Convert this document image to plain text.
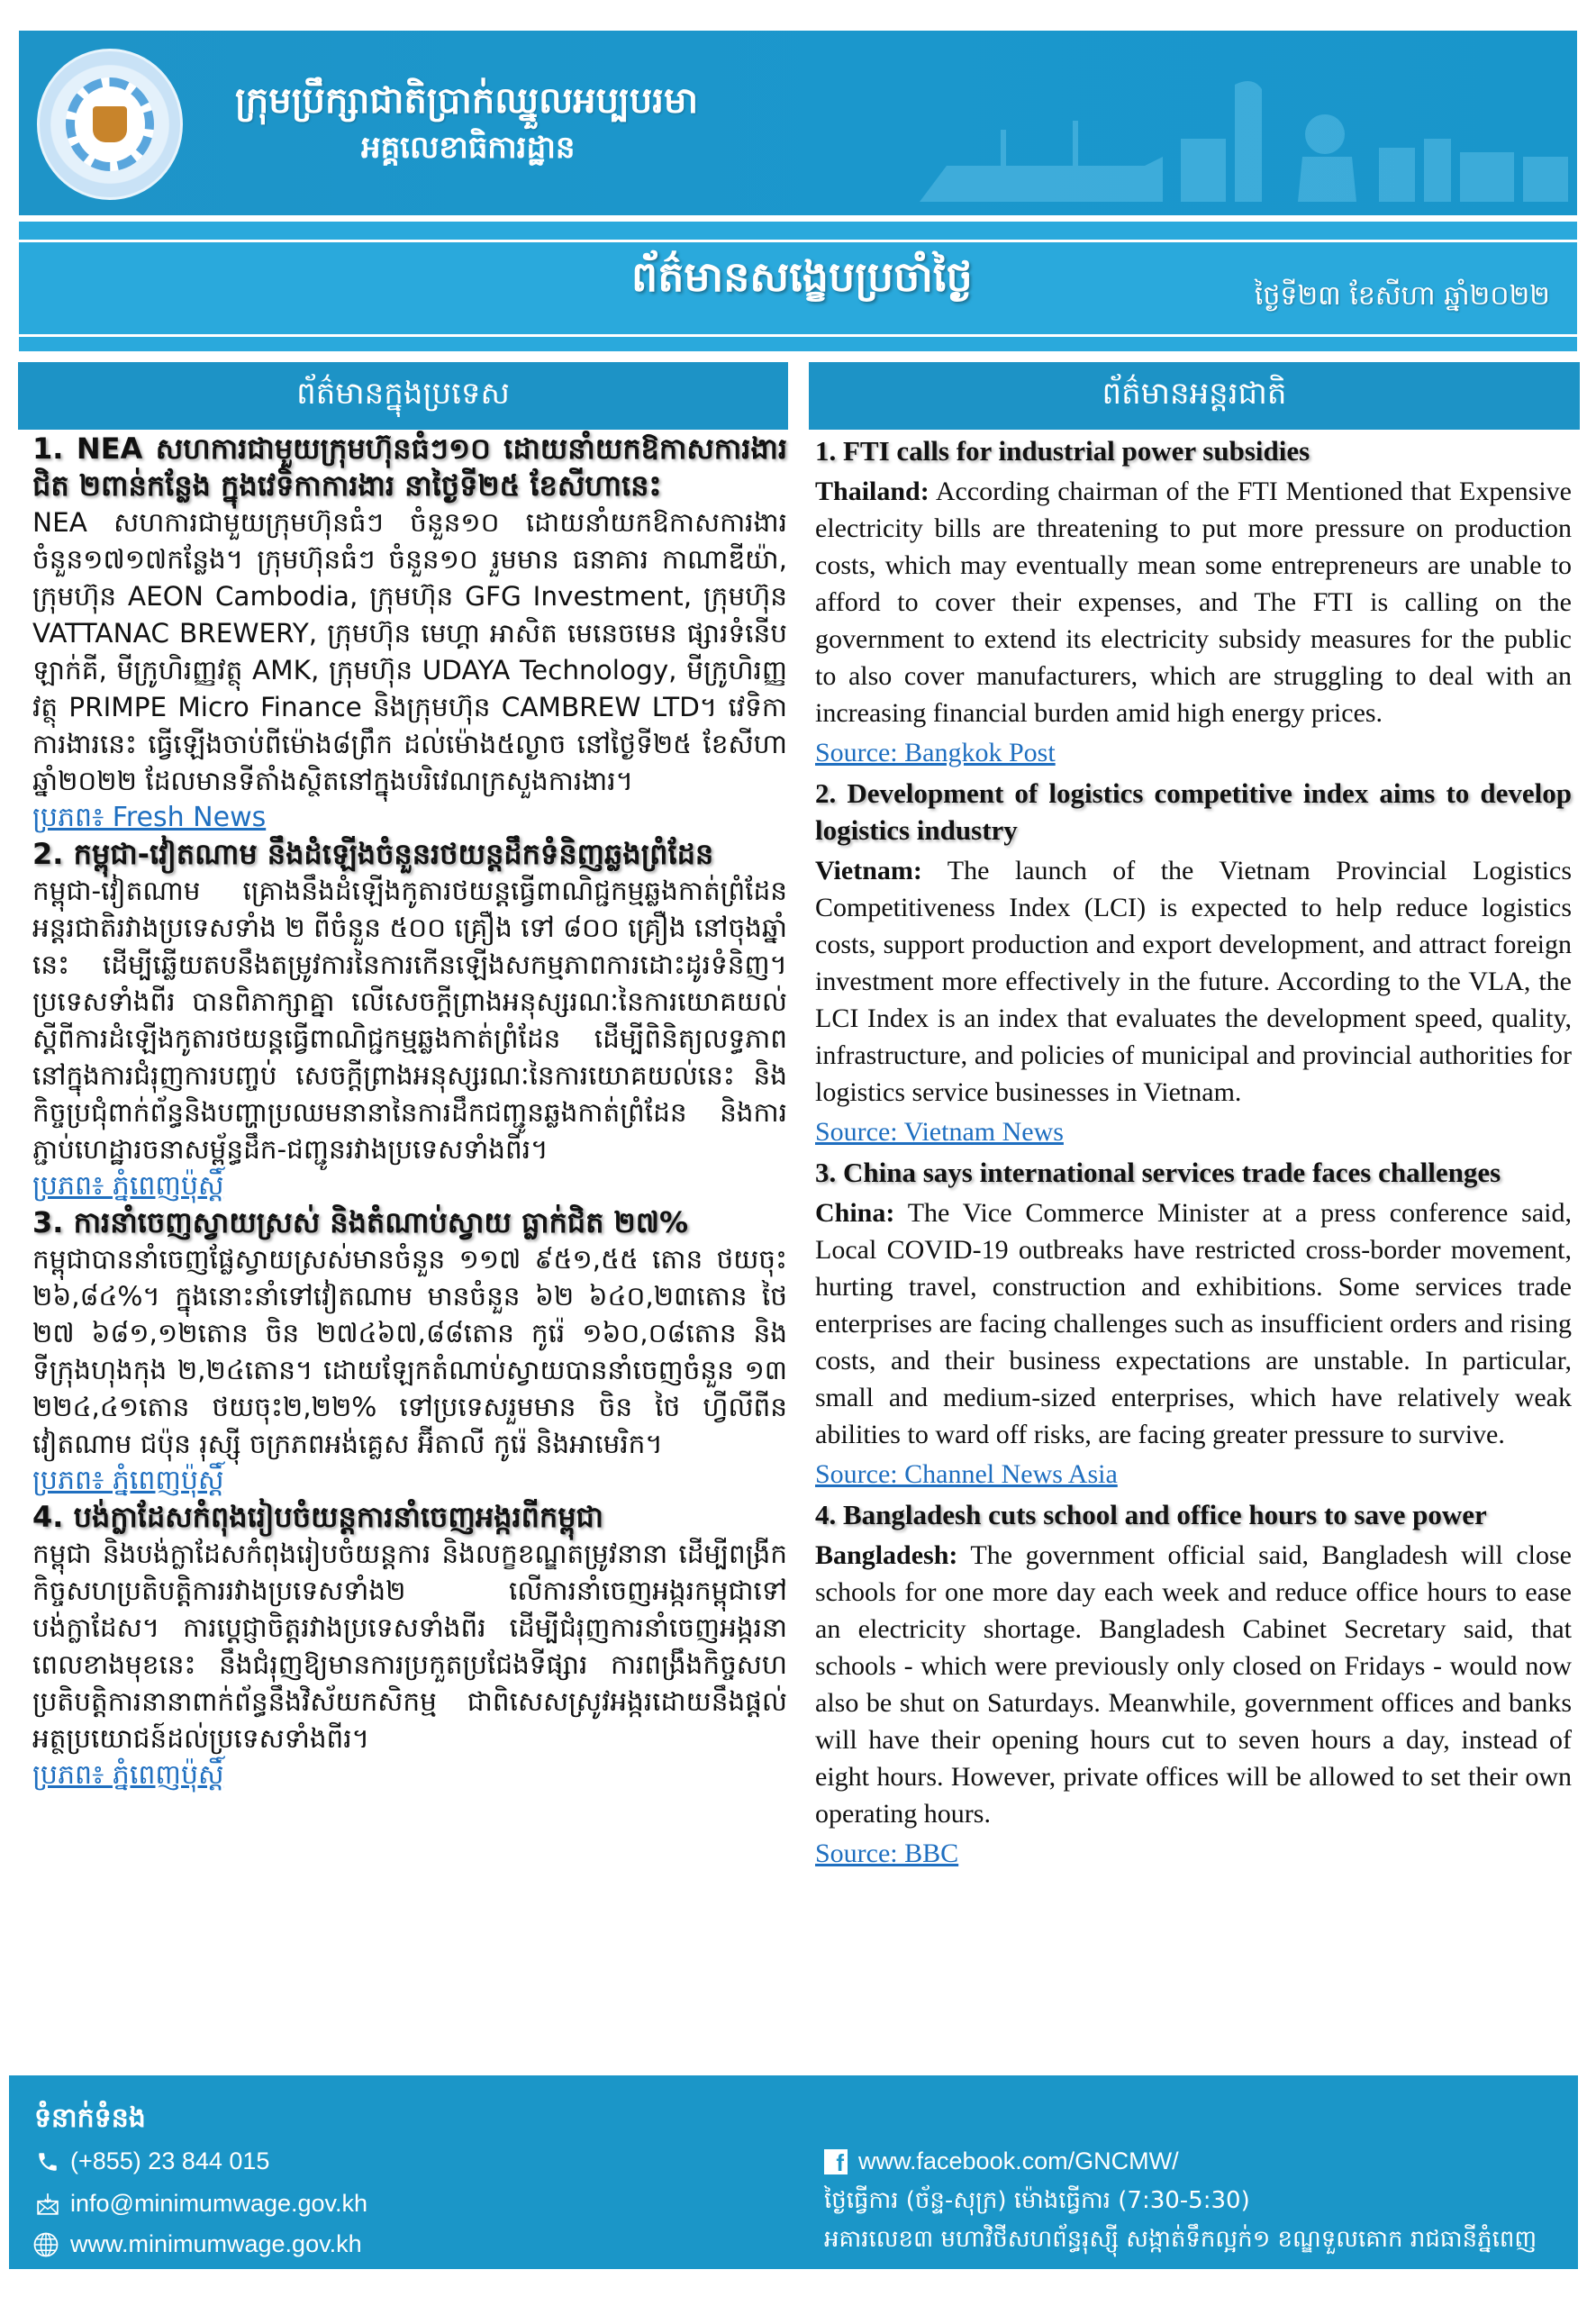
ក្រុមប្រឹក្សាជាតិប្រាក់ឈ្នួលអប្បបរមា
អគ្គលេខាធិការដ្ឋាន
ព័ត៌មានសង្ខេបប្រចាំថ្ងៃ	ថ្ងៃទី២៣ ខែសីហា ឆ្នាំ២០២២
ព័ត៌មានក្នុងប្រទេស	ព័ត៌មានអន្តរជាតិ
1. NEA សហការជាមួយក្រុមហ៊ុនធំៗ១០ ដោយនាំយកឱកាសការងារជិត ២ពាន់កន្លែង ក្នុងវេទិកាការងារ នាថ្ងៃទី២៥ ខែសីហានេះ
NEA សហការជាមួយក្រុមហ៊ុនធំៗ ចំនួន១០ ដោយនាំយកឱកាសការងារចំនួន១៧១៧កន្លែង។ ក្រុមហ៊ុនធំៗ ចំនួន១០ រួមមាន ធនាគារ កាណាឌីយ៉ា, ក្រុមហ៊ុន AEON Cambodia, ក្រុមហ៊ុន GFG Investment, ក្រុមហ៊ុន VATTANAC BREWERY, ក្រុមហ៊ុន មេហ្គា អាសិត មេនេចមេន ផ្សារទំនើបឡាក់គី, មីក្រូហិរញ្ញវត្ថុ AMK, ក្រុមហ៊ុន UDAYA Technology, មីក្រូហិរញ្ញវត្ថុ PRIMPE Micro Finance និងក្រុមហ៊ុន CAMBREW LTD។ វេទិកាការងារនេះ ធ្វើឡើងចាប់ពីម៉ោង៨ព្រឹក ដល់ម៉ោង៥ល្ងាច នៅថ្ងៃទី២៥ ខែសីហា ឆ្នាំ២០២២ ដែលមានទីតាំងស្ថិតនៅក្នុងបរិវេណក្រសួងការងារ។
ប្រភព៖ Fresh News
2. កម្ពុជា-វៀតណាម នឹងដំឡើងចំនួនរថយន្តដឹកទំនិញឆ្លងព្រំដែន
កម្ពុជា-វៀតណាម គ្រោងនឹងដំឡើងកូតារថយន្តធ្វើពាណិជ្ជកម្មឆ្លងកាត់ព្រំដែនអន្តរជាតិរវាងប្រទេសទាំង ២ ពីចំនួន ៥០០ គ្រឿង ទៅ ៨០០ គ្រឿង នៅចុងឆ្នាំនេះ ដើម្បីឆ្លើយតបនឹងតម្រូវការនៃការកើនឡើងសកម្មភាពការដោះដូរទំនិញ។ ប្រទេសទាំងពីរ បានពិភាក្សាគ្នា លើសេចក្តីព្រាងអនុស្សរណៈនៃការយោគយល់ស្តីពីការដំឡើងកូតារថយន្តធ្វើពាណិជ្ជកម្មឆ្លងកាត់ព្រំដែន ដើម្បីពិនិត្យលទ្ធភាពនៅក្នុងការជំរុញការបញ្ចប់ សេចក្តីព្រាងអនុស្សរណៈនៃការយោគយល់នេះ និងកិច្ចប្រជុំពាក់ព័ន្ធនិងបញ្ហាប្រឈមនានានៃការដឹកជញ្ជូនឆ្លងកាត់ព្រំដែន និងការភ្ជាប់ហេដ្ឋារចនាសម្ព័ន្ធដឹក-ជញ្ជូនរវាងប្រទេសទាំងពីរ។
ប្រភព៖ ភ្នំពេញប៉ុស្តិ៍
3. ការនាំចេញស្វាយស្រស់ និងតំណាប់ស្វាយ ធ្លាក់ជិត ២៧%
កម្ពុជាបាននាំចេញផ្លែស្វាយស្រស់មានចំនួន ១១៧ ៩៥១,៥៥ តោន ថយចុះ ២៦,៨៤%។ ក្នុងនោះនាំទៅវៀតណាម មានចំនួន ៦២ ៦៤០,២៣តោន ថៃ ២៧ ៦៨១,១២តោន ចិន ២៧៤៦៧,៨៨តោន កូរ៉េ ១៦០,០៨តោន និងទីក្រុងហុងកុង ២,២៤តោន។ ដោយឡែកតំណាប់ស្វាយបាននាំចេញចំនួន ១៣ ២២៤,៤១តោន ថយចុះ២,២២% ទៅប្រទេសរួមមាន ចិន ថៃ ហ្វីលីពីន វៀតណាម ជប៉ុន រុស្ស៊ី ចក្រភពអង់គ្លេស អ៊ីតាលី កូរ៉េ និងអាមេរិក។
ប្រភព៖ ភ្នំពេញប៉ុស្តិ៍
4. បង់ក្លាដែសកំពុងរៀបចំយន្តការនាំចេញអង្ករពីកម្ពុជា
កម្ពុជា និងបង់ក្លាដែសកំពុងរៀបចំយន្តការ និងលក្ខខណ្ឌតម្រូវនានា ដើម្បីពង្រីកកិច្ចសហប្រតិបត្តិការរវាងប្រទេសទាំង២ លើការនាំចេញអង្ករកម្ពុជាទៅបង់ក្លាដែស។ ការប្តេជ្ញាចិត្តរវាងប្រទេសទាំងពីរ ដើម្បីជំរុញការនាំចេញអង្ករនាពេលខាងមុខនេះ នឹងជំរុញឱ្យមានការប្រកួតប្រជែងទីផ្សារ ការពង្រឹងកិច្ចសហប្រតិបត្តិការនានាពាក់ព័ន្ធនឹងវិស័យកសិកម្ម ជាពិសេសស្រូវអង្ករដោយនឹងផ្តល់អត្ថប្រយោជន៍ដល់ប្រទេសទាំងពីរ។
ប្រភព៖ ភ្នំពេញប៉ុស្តិ៍
1. FTI calls for industrial power subsidies
Thailand: According chairman of the FTI Mentioned that Expensive electricity bills are threatening to put more pressure on production costs, which may eventually mean some entrepreneurs are unable to afford to cover their expenses, and The FTI is calling on the government to extend its electricity subsidy measures for the public to also cover manufacturers, which are struggling to deal with an increasing financial burden amid high energy prices.
Source: Bangkok Post
2. Development of logistics competitive index aims to develop logistics industry
Vietnam: The launch of the Vietnam Provincial Logistics Competitiveness Index (LCI) is expected to help reduce logistics costs, support production and export development, and attract foreign investment more effectively in the future. According to the VLA, the LCI Index is an index that evaluates the development speed, quality, infrastructure, and policies of municipal and provincial authorities for logistics service businesses in Vietnam.
Source: Vietnam News
3. China says international services trade faces challenges
China: The Vice Commerce Minister at a press conference said, Local COVID-19 outbreaks have restricted cross-border movement, hurting travel, construction and exhibitions. Some services trade enterprises are facing challenges such as insufficient orders and rising costs, and their business expectations are unstable. In particular, small and medium-sized enterprises, which have relatively weak abilities to ward off risks, are facing greater pressure to survive.
Source: Channel News Asia
4. Bangladesh cuts school and office hours to save power
Bangladesh: The government official said, Bangladesh will close schools for one more day each week and reduce office hours to ease an electricity shortage. Bangladesh Cabinet Secretary said, that schools - which were previously only closed on Fridays - would now also be shut on Saturdays. Meanwhile, government offices and banks will have their opening hours cut to seven hours a day, instead of eight hours. However, private offices will be allowed to set their own operating hours.
Source: BBC
ទំនាក់ទំនង
(+855) 23 844 015
info@minimumwage.gov.kh
www.minimumwage.gov.kh
f www.facebook.com/GNCMW/
ថ្ងៃធ្វើការ (ច័ន្ទ-សុក្រ) ម៉ោងធ្វើការ (7:30-5:30)
អគារលេខ៣ មហាវិថីសហព័ន្ធរុស្ស៊ី សង្កាត់ទឹកល្អក់១ ខណ្ឌទួលគោក រាជធានីភ្នំពេញ
